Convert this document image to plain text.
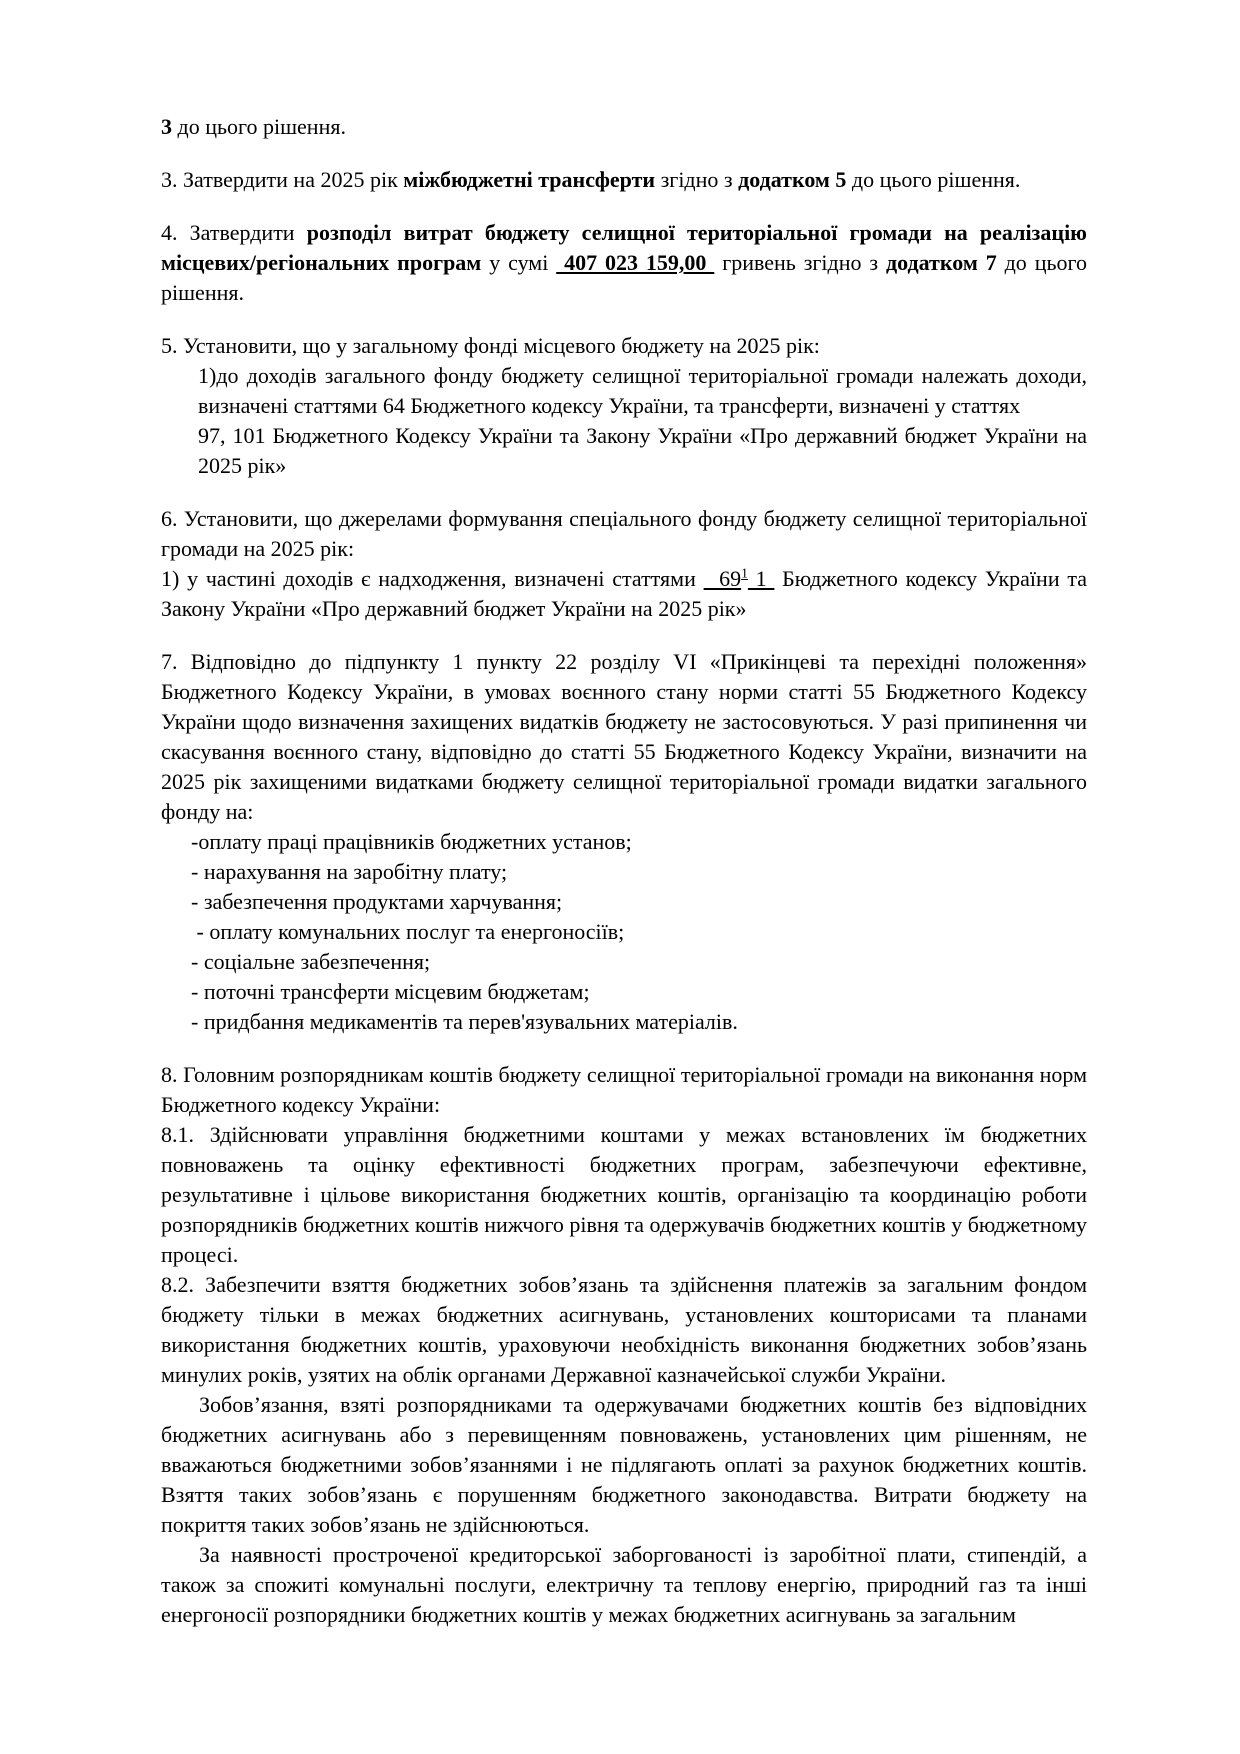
3 до цього рішення.

3. Затвердити на 2025 рік міжбюджетні трансферти згідно з додатком 5 до цього рішення.

4. Затвердити розподіл витрат бюджету селищної територіальної громади на реалізацію місцевих/регіональних програм у сумі  407 023 159,00  гривень згідно з додатком 7 до цього рішення.

5. Установити, що у загальному фонді місцевого бюджету на 2025 рік:

1)до доходів загального фонду бюджету селищної територіальної громади належать доходи, визначені статтями 64 Бюджетного кодексу України, та трансферти, визначені у статтях

97, 101 Бюджетного Кодексу України та Закону України «Про державний бюджет України на 2025 рік»

6. Установити, що джерелами формування спеціального фонду бюджету селищної територіальної громади на 2025 рік:

1) у частині доходів є надходження, визначені статтями   $69^1$ 1  Бюджетного кодексу України та Закону України «Про державний бюджет України на 2025 рік»

7. Відповідно до підпункту 1 пункту 22 розділу VI «Прикінцеві та перехідні положення» Бюджетного Кодексу України, в умовах воєнного стану норми статті 55 Бюджетного Кодексу України щодо визначення захищених видатків бюджету не застосовуються. У разі припинення чи скасування воєнного стану, відповідно до статті 55 Бюджетного Кодексу України, визначити на 2025 рік захищеними видатками бюджету селищної територіальної громади видатки загального фонду на:

-оплату праці працівників бюджетних установ;

- нарахування на заробітну плату;

- забезпечення продуктами харчування;

- оплату комунальних послуг та енергоносіїв;

- соціальне забезпечення;

- поточні трансферти місцевим бюджетам;

- придбання медикаментів та перев'язувальних матеріалів.

8. Головним розпорядникам коштів бюджету селищної територіальної громади на виконання норм Бюджетного кодексу України:

8.1. Здійснювати управління бюджетними коштами у межах встановлених їм бюджетних повноважень та оцінку ефективності бюджетних програм, забезпечуючи ефективне, результативне і цільове використання бюджетних коштів, організацію та координацію роботи розпорядників бюджетних коштів нижчого рівня та одержувачів бюджетних коштів у бюджетному процесі.

8.2. Забезпечити взяття бюджетних зобов’язань та здійснення платежів за загальним фондом бюджету тільки в межах бюджетних асигнувань, установлених кошторисами та планами використання бюджетних коштів, ураховуючи необхідність виконання бюджетних зобов’язань минулих років, узятих на облік органами Державної казначейської служби України.

Зобов’язання, взяті розпорядниками та одержувачами бюджетних коштів без відповідних бюджетних асигнувань або з перевищенням повноважень, установлених цим рішенням, не вважаються бюджетними зобов’язаннями і не підлягають оплаті за рахунок бюджетних коштів. Взяття таких зобов’язань є порушенням бюджетного законодавства. Витрати бюджету на покриття таких зобов’язань не здійснюються.

За наявності простроченої кредиторської заборгованості із заробітної плати, стипендій, а також за спожиті комунальні послуги, електричну та теплову енергію, природний газ та інші енергоносії розпорядники бюджетних коштів у межах бюджетних асигнувань за загальним
